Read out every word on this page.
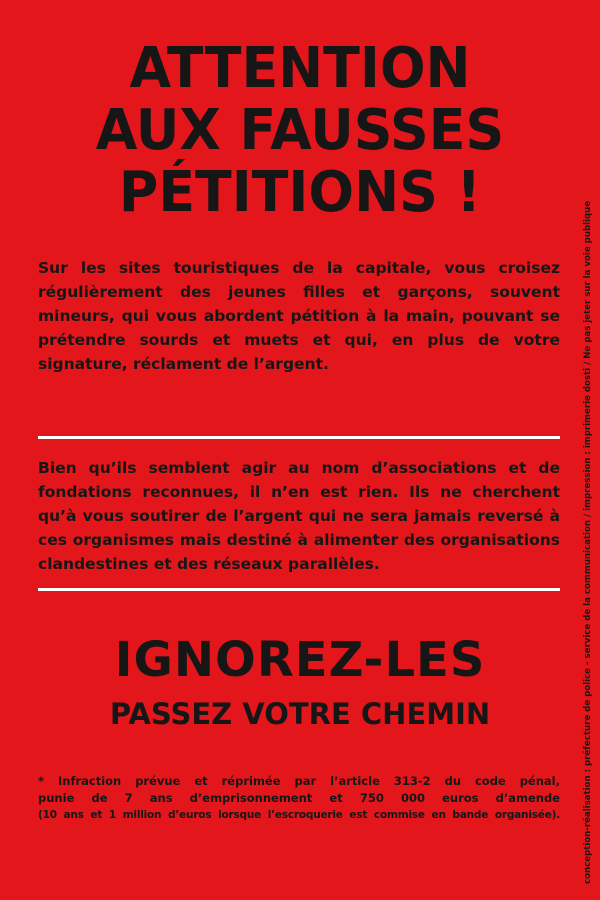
ATTENTION
AUX FAUSSES
PÉTITIONS !

Sur les sites touristiques de la capitale, vous croisez régulièrement des jeunes filles et garçons, souvent mineurs, qui vous abordent pétition à la main, pouvant se prétendre sourds et muets et qui, en plus de votre signature, réclament de l’argent.

Bien qu’ils semblent agir au nom d’associations et de fondations reconnues, il n’en est rien. Ils ne cherchent qu’à vous soutirer de l’argent qui ne sera jamais reversé à ces organismes mais destiné à alimenter des organisations clandestines et des réseaux parallèles.

IGNOREZ-LES
PASSEZ VOTRE CHEMIN

* Infraction prévue et réprimée par l’article 313-2 du code pénal,
punie de 7 ans d’emprisonnement et 750 000 euros d’amende
(10 ans et 1 million d’euros lorsque l’escroquerie est commise en bande organisée).	conception-réalisation : préfecture de police - service de la communication / impression : imprimerie dosti / Ne pas jeter sur la voie publique
